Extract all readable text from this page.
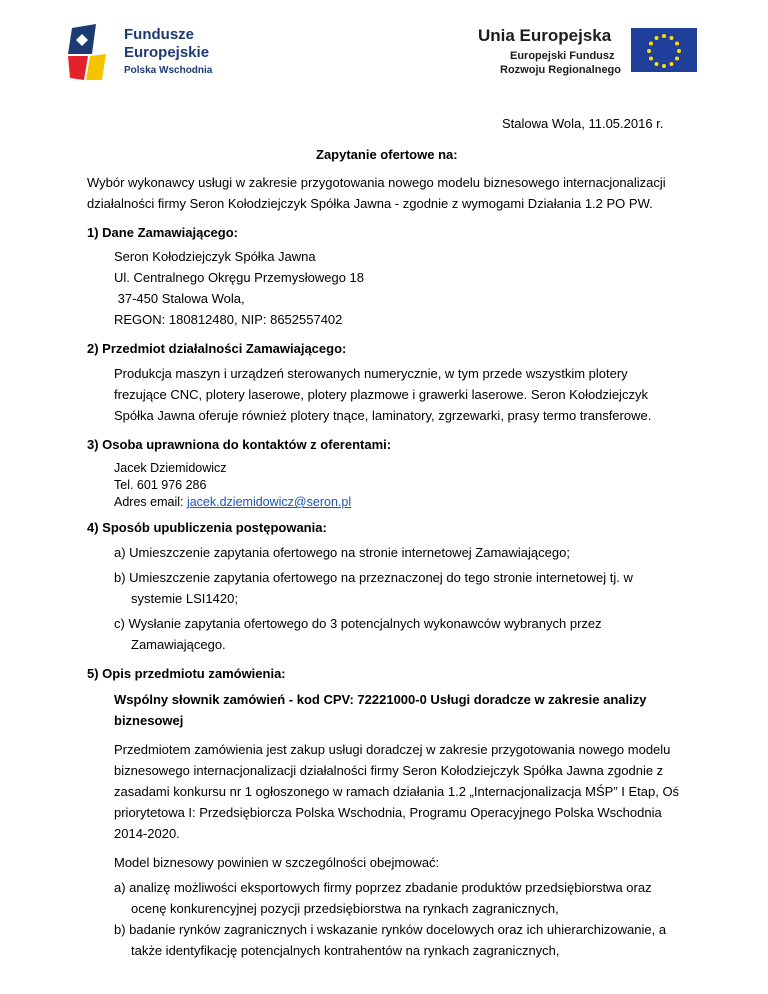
Fundusze
Europejskie
Polska Wschodnia
Unia Europejska
Europejski Fundusz
Rozwoju Regionalnego
Stalowa Wola, 11.05.2016 r.
Zapytanie ofertowe na:
Wybór wykonawcy usługi w zakresie przygotowania nowego modelu biznesowego internacjonalizacji
działalności firmy Seron Kołodziejczyk Spółka Jawna - zgodnie z wymogami Działania 1.2 PO PW.
1) Dane Zamawiającego:
Seron Kołodziejczyk Spółka Jawna
Ul. Centralnego Okręgu Przemysłowego 18
37-450 Stalowa Wola,
REGON: 180812480, NIP: 8652557402
2) Przedmiot działalności Zamawiającego:
Produkcja maszyn i urządzeń sterowanych numerycznie, w tym przede wszystkim plotery
frezujące CNC, plotery laserowe, plotery plazmowe i grawerki laserowe. Seron Kołodziejczyk
Spółka Jawna oferuje również plotery tnące, laminatory, zgrzewarki, prasy termo transferowe.
3) Osoba uprawniona do kontaktów z oferentami:
Jacek Dziemidowicz
Tel. 601 976 286
Adres email: jacek.dziemidowicz@seron.pl
4) Sposób upubliczenia postępowania:
a) Umieszczenie zapytania ofertowego na stronie internetowej Zamawiającego;
b) Umieszczenie zapytania ofertowego na przeznaczonej do tego stronie internetowej tj. w
systemie LSI1420;
c) Wysłanie zapytania ofertowego do 3 potencjalnych wykonawców wybranych przez
Zamawiającego.
5) Opis przedmiotu zamówienia:
Wspólny słownik zamówień - kod CPV: 72221000-0 Usługi doradcze w zakresie analizy
biznesowej
Przedmiotem zamówienia jest zakup usługi doradczej w zakresie przygotowania nowego modelu
biznesowego internacjonalizacji działalności firmy Seron Kołodziejczyk Spółka Jawna zgodnie z
zasadami konkursu nr 1 ogłoszonego w ramach działania 1.2 „Internacjonalizacja MŚP” I Etap, Oś
priorytetowa I: Przedsiębiorcza Polska Wschodnia, Programu Operacyjnego Polska Wschodnia
2014-2020.
Model biznesowy powinien w szczególności obejmować:
a) analizę możliwości eksportowych firmy poprzez zbadanie produktów przedsiębiorstwa oraz
ocenę konkurencyjnej pozycji przedsiębiorstwa na rynkach zagranicznych,
b) badanie rynków zagranicznych i wskazanie rynków docelowych oraz ich uhierarchizowanie, a
także identyfikację potencjalnych kontrahentów na rynkach zagranicznych,
